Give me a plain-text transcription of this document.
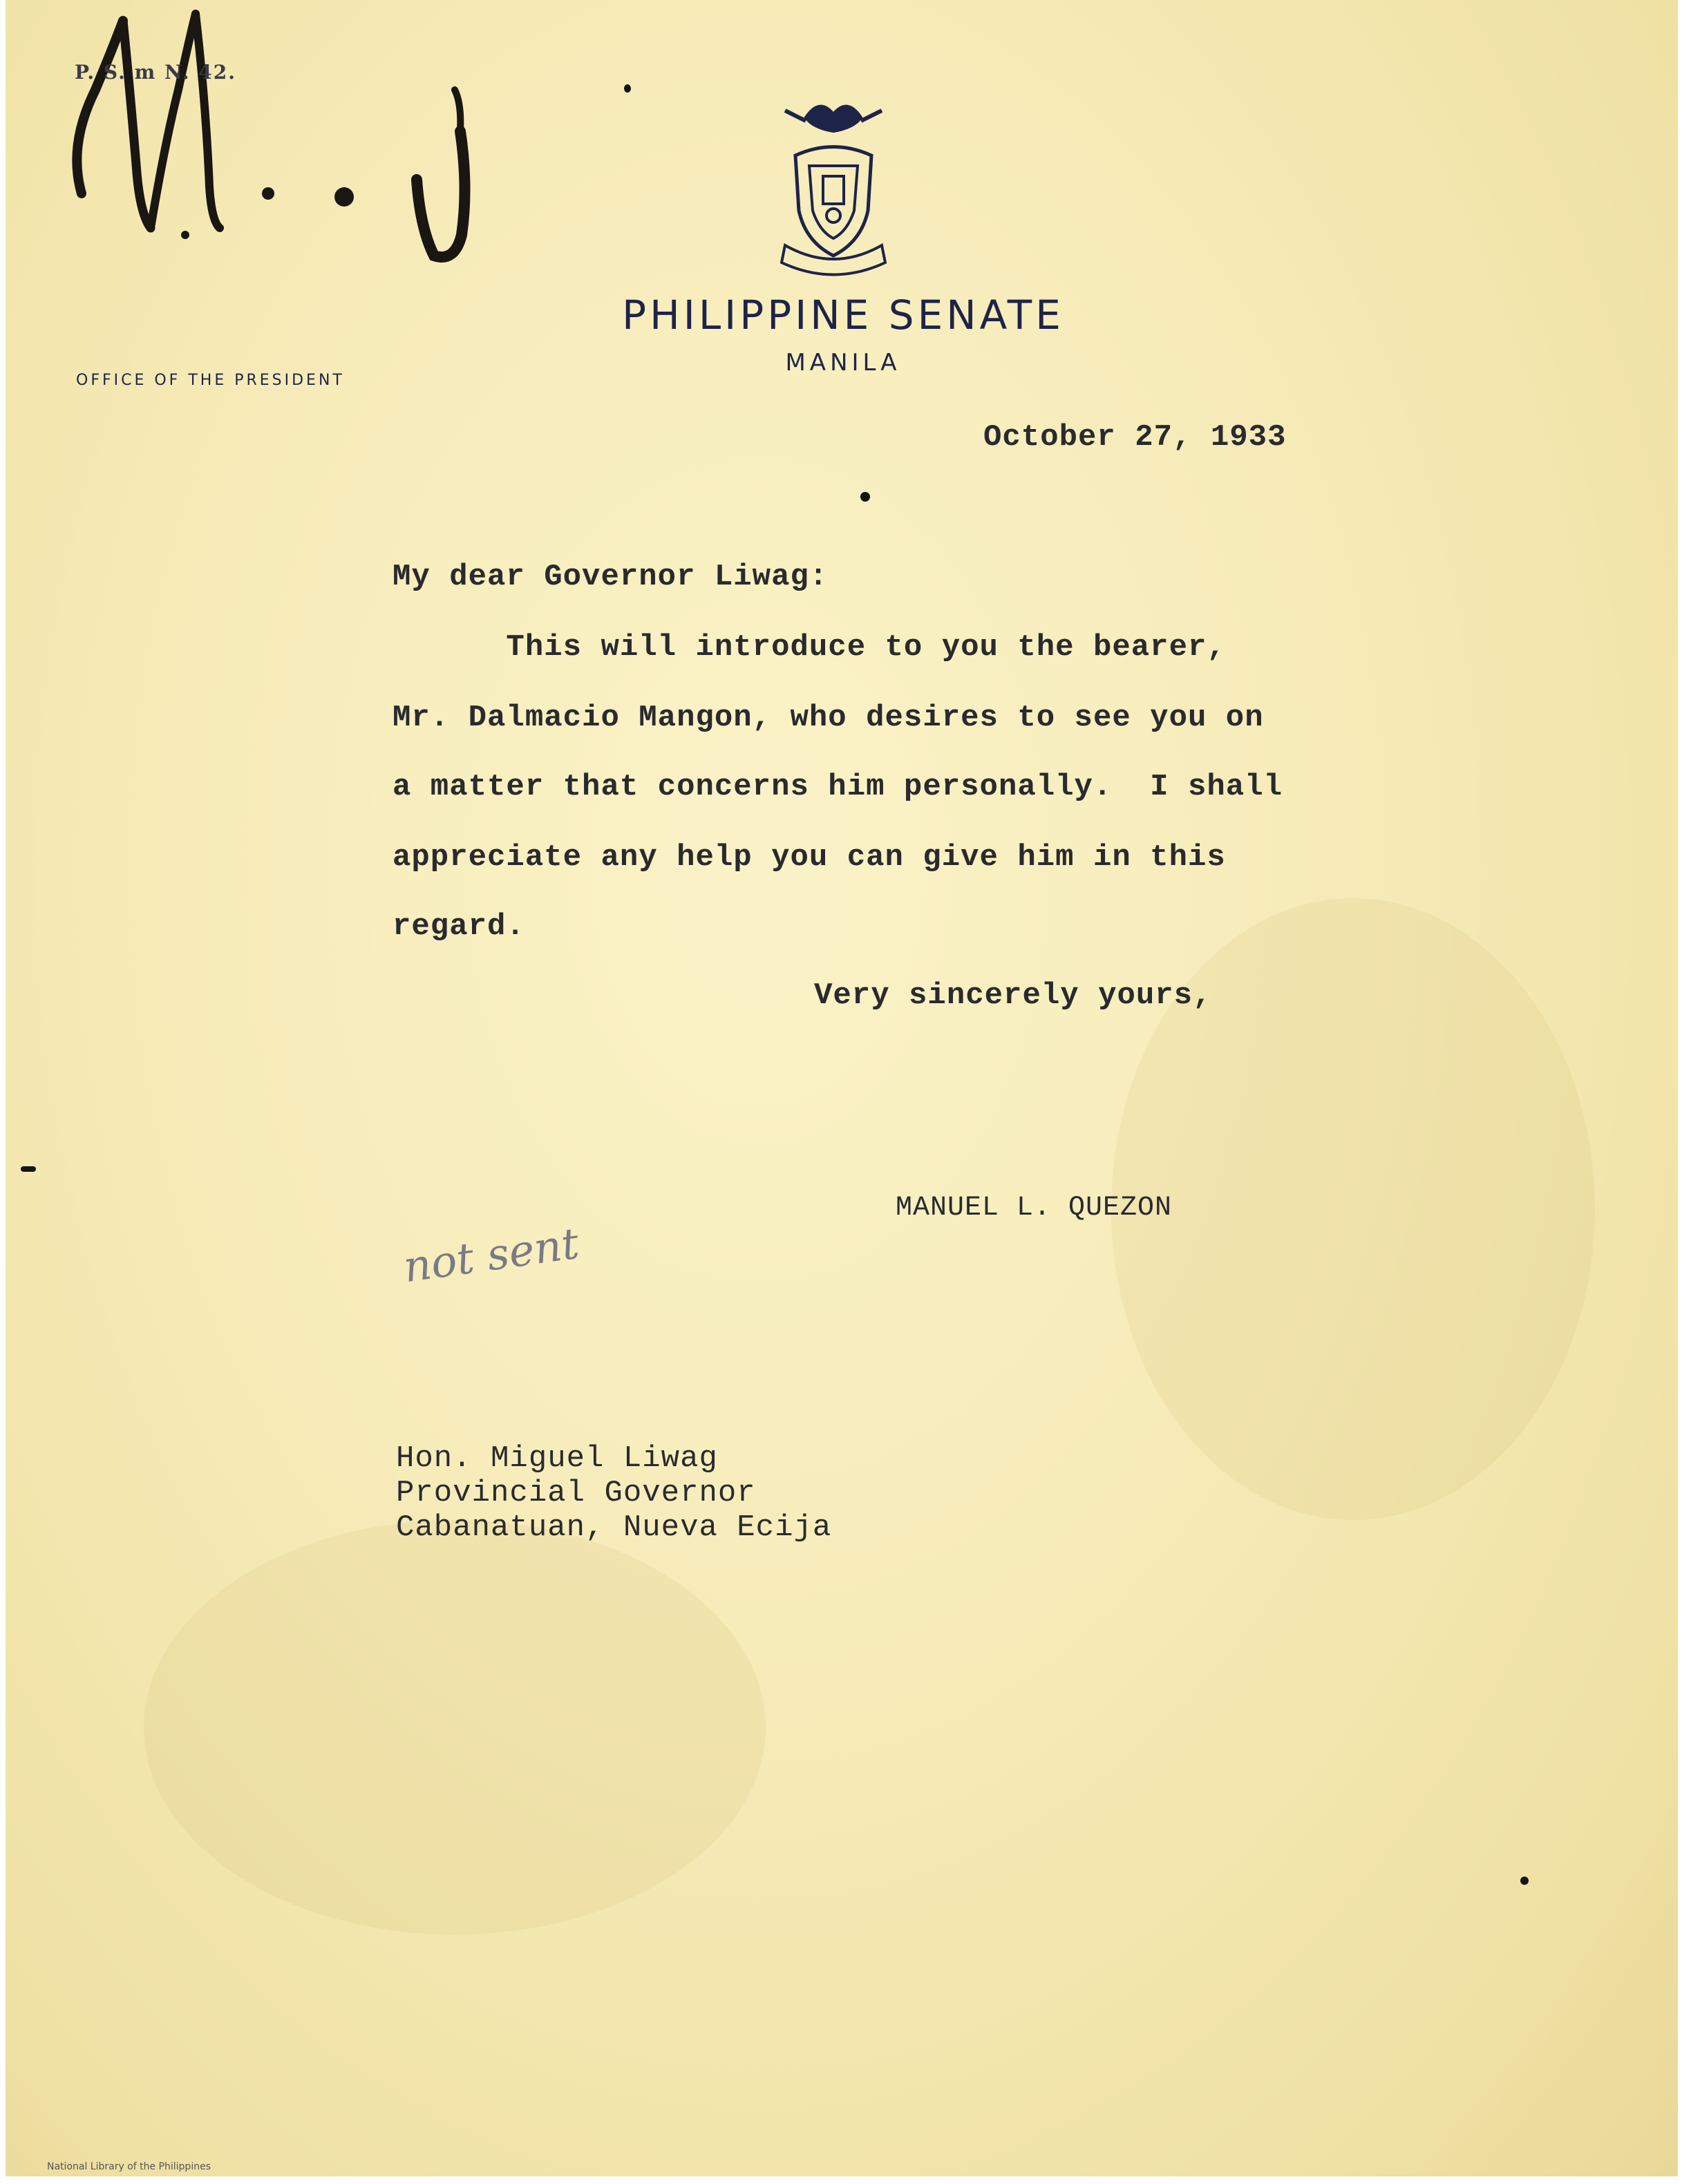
P. S. m N. 42.
PHILIPPINE SENATE
MANILA
OFFICE OF THE PRESIDENT
October 27, 1933
My dear Governor Liwag:
This will introduce to you the bearer,
Mr. Dalmacio Mangon, who desires to see you on
a matter that concerns him personally.  I shall
appreciate any help you can give him in this
regard.
Very sincerely yours,
MANUEL L. QUEZON
not sent
Hon. Miguel Liwag
Provincial Governor
Cabanatuan, Nueva Ecija
National Library of the Philippines
